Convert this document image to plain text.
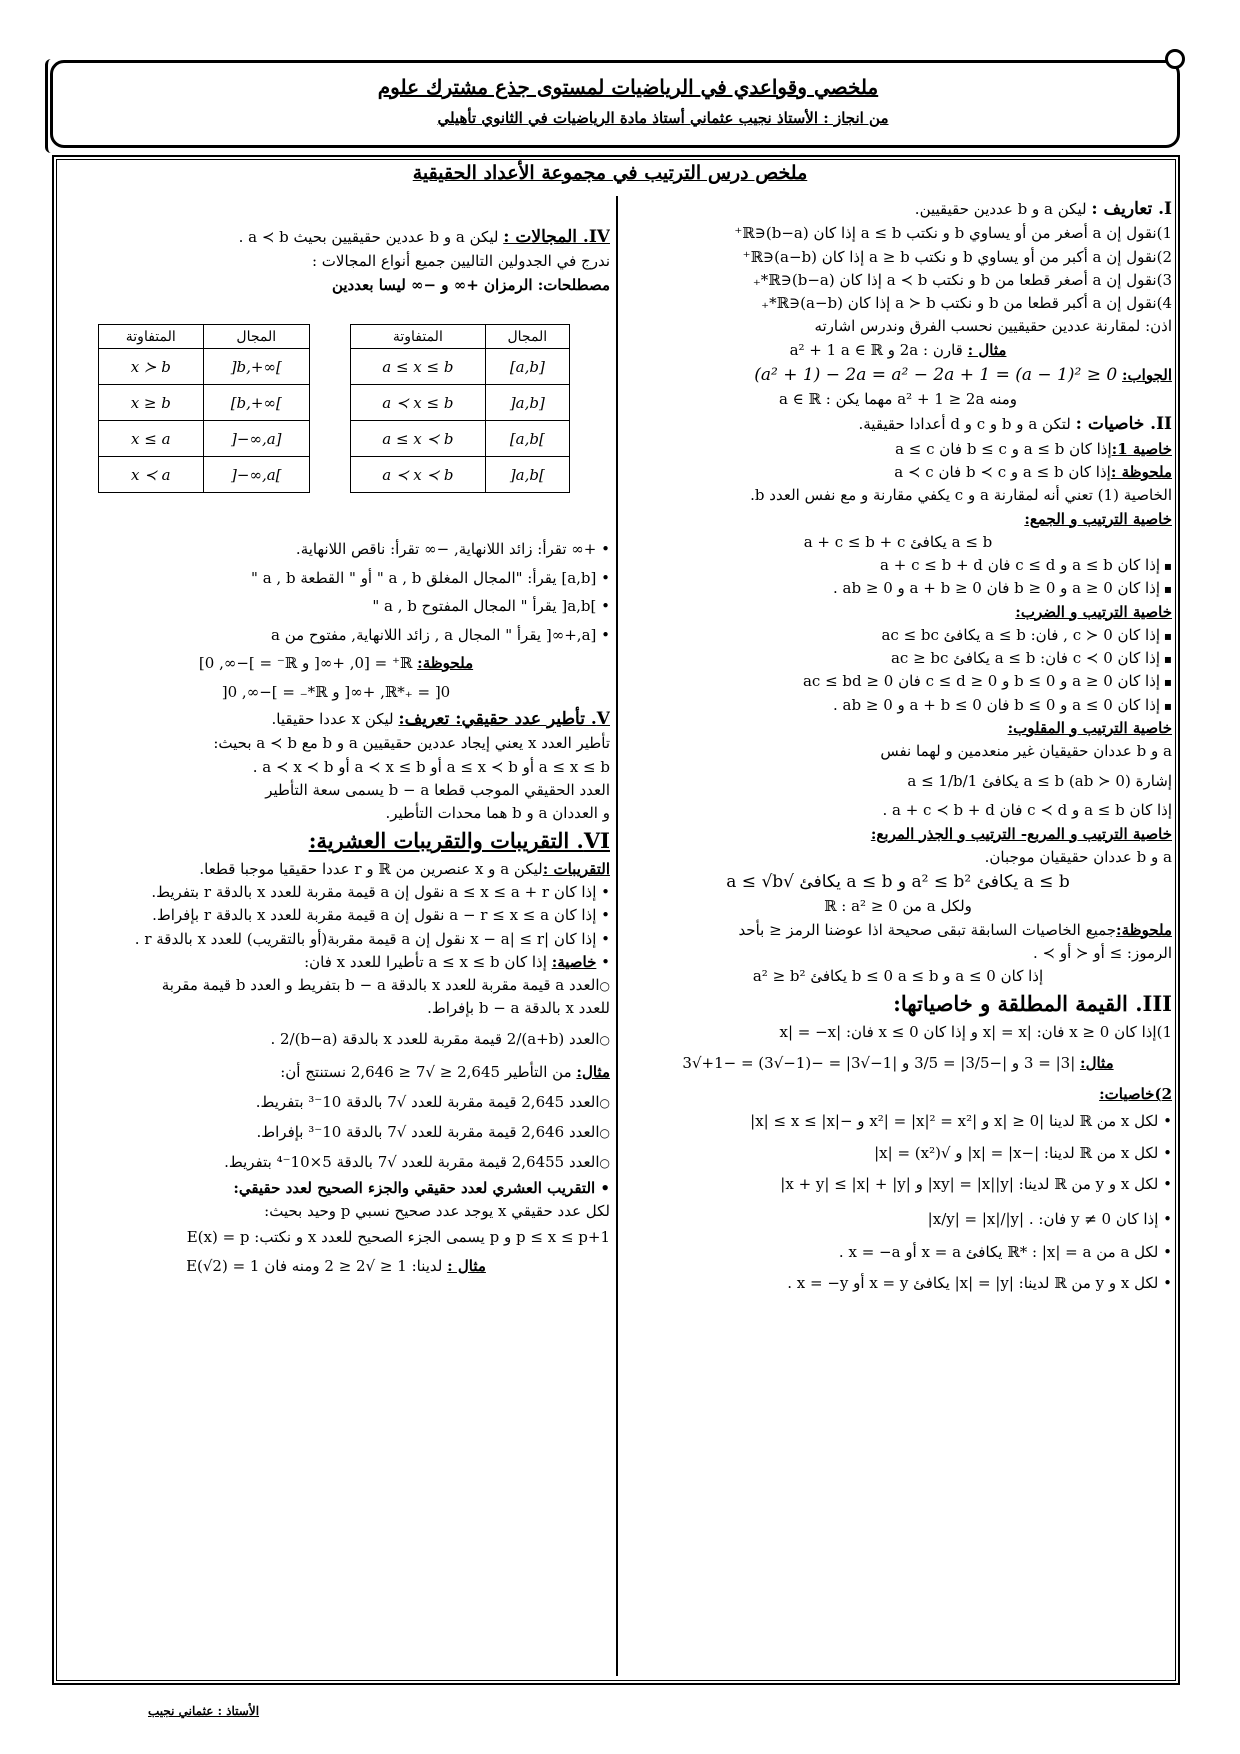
ملخصي وقواعدي في الرياضيات لمستوى جذع مشترك علوم
من انجاز : الأستاذ نجيب عثماني أستاذ مادة الرياضيات في الثانوي تأهيلي
ملخص درس الترتيب في مجموعة الأعداد الحقيقية
I. تعاريف : ليكن a و b عددين حقيقيين.
1)نقول إن a أصغر من أو يساوي b و نكتب a ≤ b إذا كان (b−a)∈ℝ⁺
2)نقول إن a أكبر من أو يساوي b و نكتب a ≥ b إذا كان (a−b)∈ℝ⁺
3)نقول إن a أصغر قطعا من b و نكتب a ≺ b إذا كان (b−a)∈ℝ*₊
4)نقول إن a أكبر قطعا من b و نكتب a ≻ b إذا كان (a−b)∈ℝ*₊
اذن: لمقارنة عددين حقيقيين نحسب الفرق وندرس اشارته
مثال : قارن : 2a و a² + 1 a ∈ ℝ
الجواب: (a² + 1) − 2a = a² − 2a + 1 = (a − 1)² ≥ 0
ومنه a² + 1 ≥ 2a مهما يكن : a ∈ ℝ
II. خاصيات : لتكن a و b و c و d أعدادا حقيقية.
خاصية 1:إذا كان a ≤ b و b ≤ c فان a ≤ c
ملحوظة :إذا كان a ≤ b و b ≺ c فان a ≺ c
الخاصية (1) تعني أنه لمقارنة a و c يكفي مقارنة و مع نفس العدد b.
خاصية الترتيب و الجمع:
a ≤ b يكافئ a + c ≤ b + c
▪ إذا كان a ≤ b و c ≤ d فان a + c ≤ b + d
▪ إذا كان a ≥ 0 و b ≥ 0 فان a + b ≥ 0 و ab ≥ 0 .
خاصية الترتيب و الضرب:
▪ إذا كان c ≻ 0 , فان: a ≤ b يكافئ ac ≤ bc
▪ إذا كان c ≺ 0 فان: a ≤ b يكافئ ac ≥ bc
▪ إذا كان a ≥ 0 و b ≤ 0 و c ≤ d ≥ 0 فان ac ≤ bd ≥ 0
▪ إذا كان a ≤ 0 و b ≤ 0 فان a + b ≤ 0 و ab ≥ 0 .
خاصية الترتيب و المقلوب:
a و b عددان حقيقيان غير منعدمين و لهما نفس
إشارة (ab ≻ 0) a ≤ b يكافئ 1/a ≤ 1/b
إذا كان a ≤ b و c ≺ d فان a + c ≺ b + d .
خاصية الترتيب و المربع- الترتيب و الجذر المربع:
a و b عددان حقيقيان موجبان.
a ≤ b يكافئ a² ≤ b² و a ≤ b يكافئ √a ≤ √b
ولكل a من ℝ : a² ≥ 0
ملحوظة:جميع الخاصيات السابقة تبقى صحيحة اذا عوضنا الرمز ≤ بأحد
الرموز: ≥ أو ≺ أو ≻ .
إذا كان a ≤ 0 و b ≤ 0 a ≤ b يكافئ a² ≥ b²
III. القيمة المطلقة و خاصياتها:
1)إذا كان x ≥ 0 فان: |x| = x و إذا كان x ≤ 0 فان: |x| = −x
مثال: |3| = 3 و |−3/5| = 3/5 و |1−√3| = −(1−√3) = −1+√3
2)خاصيات:
• لكل x من ℝ لدينا |x| ≥ 0 و |x²| = |x|² = x² و −|x| ≤ x ≤ |x|
• لكل x من ℝ لدينا: |−x| = |x| و √(x²) = |x|
• لكل x و y من ℝ لدينا: |xy| = |x||y| و |x + y| ≤ |x| + |y|
• إذا كان y ≠ 0 فان: . |x/y| = |x|/|y|
• لكل a من ℝ* : |x| = a يكافئ x = a أو x = −a .
• لكل x و y من ℝ لدينا: |x| = |y| يكافئ x = y أو x = −y .
IV. المجالات : ليكن a و b عددين حقيقيين بحيث a ≺ b .
ندرج في الجدولين التاليين جميع أنواع المجالات :
مصطلحات: الرمزان +∞ و −∞ ليسا بعددين
المجال	المتفاوتة
[a,b]	a ≤ x ≤ b
]a,b]	a ≺ x ≤ b
[a,b[	a ≤ x ≺ b
]a,b[	a ≺ x ≺ b
المجال	المتفاوتة
]b,+∞[	x ≻ b
[b,+∞[	x ≥ b
]−∞,a]	x ≤ a
]−∞,a[	x ≺ a
• +∞ تقرأ: زائد اللانهاية, −∞ تقرأ: ناقص اللانهاية.
• [a,b] يقرأ: "المجال المغلق a , b " أو " القطعة a , b "
• ]a,b[ يقرأ " المجال المفتوح a , b "
• [a,+∞[ يقرأ " المجال a , زائد اللانهاية, مفتوح من a
ملحوظة: ℝ⁺ = [0, +∞[ و ℝ⁻ = ]−∞, 0]
ℝ*₊ = ]0, +∞[ و ℝ*₋ = ]−∞, 0[
V. تأطير عدد حقيقي: تعريف: ليكن x عددا حقيقيا.
تأطير العدد x يعني إيجاد عددين حقيقيين a و b مع a ≺ b بحيث:
a ≤ x ≤ b أو a ≤ x ≺ b أو a ≺ x ≤ b أو a ≺ x ≺ b .
العدد الحقيقي الموجب قطعا b − a يسمى سعة التأطير
و العددان a و b هما محدات التأطير.
VI. التقريبات والتقريبات العشرية:
التقريبات :ليكن a و x عنصرين من ℝ و r عددا حقيقيا موجبا قطعا.
• إذا كان a ≤ x ≤ a + r نقول إن a قيمة مقربة للعدد x بالدقة r بتفريط.
• إذا كان a − r ≤ x ≤ a نقول إن a قيمة مقربة للعدد x بالدقة r بإفراط.
• إذا كان |x − a| ≤ r نقول إن a قيمة مقربة(أو بالتقريب) للعدد x بالدقة r .
• خاصية: إذا كان a ≤ x ≤ b تأطيرا للعدد x فان:
○ العدد a قيمة مقربة للعدد x بالدقة b − a بتفريط و العدد b قيمة مقربة
للعدد x بالدقة b − a بإفراط.
○ العدد (a+b)/2 قيمة مقربة للعدد x بالدقة (b−a)/2 .
مثال: من التأطير 2,645 ≤ √7 ≤ 2,646 نستنتج أن:
○ العدد 2,645 قيمة مقربة للعدد √7 بالدقة 10⁻³ بتفريط.
○ العدد 2,646 قيمة مقربة للعدد √7 بالدقة 10⁻³ بإفراط.
○ العدد 2,6455 قيمة مقربة للعدد √7 بالدقة 5×10⁻⁴ بتفريط.
• التقريب العشري لعدد حقيقي والجزء الصحيح لعدد حقيقي:
لكل عدد حقيقي x يوجد عدد صحيح نسبي p وحيد بحيث:
p ≤ x ≤ p+1 و p يسمى الجزء الصحيح للعدد x و نكتب: E(x) = p
مثال : لدينا: 1 ≤ √2 ≤ 2 ومنه فان E(√2) = 1
الأستاذ : عثماني نجيب
